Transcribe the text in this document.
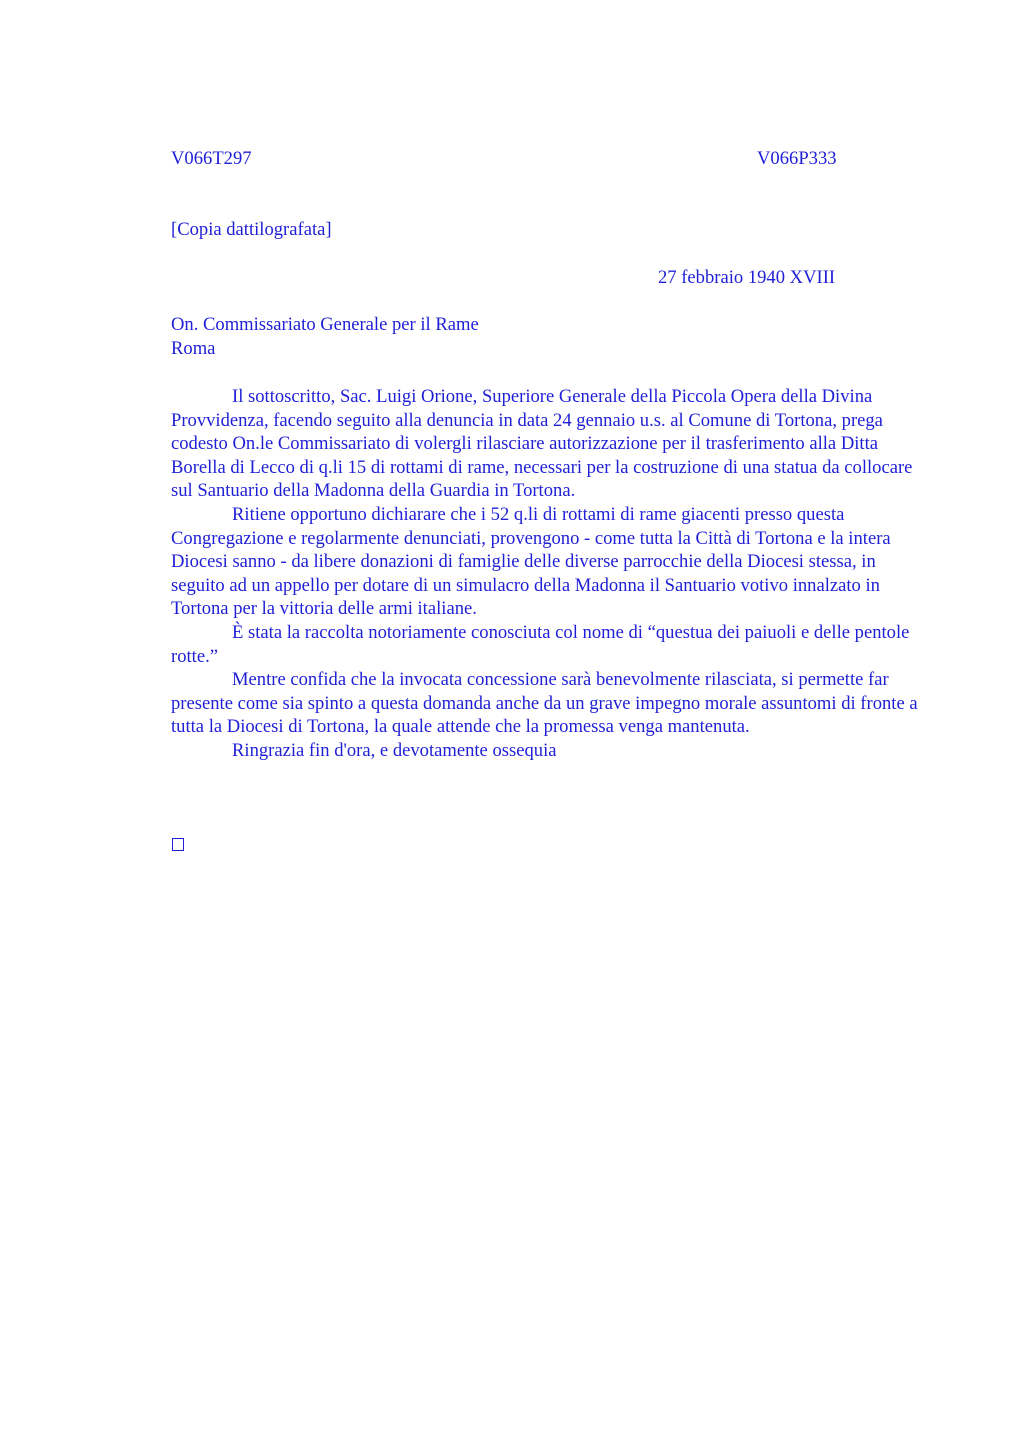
V066T297	V066P333
[Copia dattilografata]
27 febbraio 1940 XVIII
On. Commissariato Generale per il Rame
Roma

Il sottoscritto, Sac. Luigi Orione, Superiore Generale della Piccola Opera della Divina Provvidenza, facendo seguito alla denuncia in data 24 gennaio u.s. al Comune di Tortona, prega codesto On.le Commissariato di volergli rilasciare autorizzazione per il trasferimento alla Ditta Borella di Lecco di q.li 15 di rottami di rame, necessari per la costruzione di una statua da collocare sul Santuario della Madonna della Guardia in Tortona.

Ritiene opportuno dichiarare che i 52 q.li di rottami di rame giacenti presso questa Congregazione e regolarmente denunciati, provengono - come tutta la Città di Tortona e la intera Diocesi sanno - da libere donazioni di famiglie delle diverse parrocchie della Diocesi stessa, in seguito ad un appello per dotare di un simulacro della Madonna il Santuario votivo innalzato in Tortona per la vittoria delle armi italiane.

È stata la raccolta notoriamente conosciuta col nome di “questua dei paiuoli e delle pentole rotte.”

Mentre confida che la invocata concessione sarà benevolmente rilasciata, si permette far presente come sia spinto a questa domanda anche da un grave impegno morale assuntomi di fronte a tutta la Diocesi di Tortona, la quale attende che la promessa venga mantenuta.

Ringrazia fin d'ora, e devotamente ossequia
